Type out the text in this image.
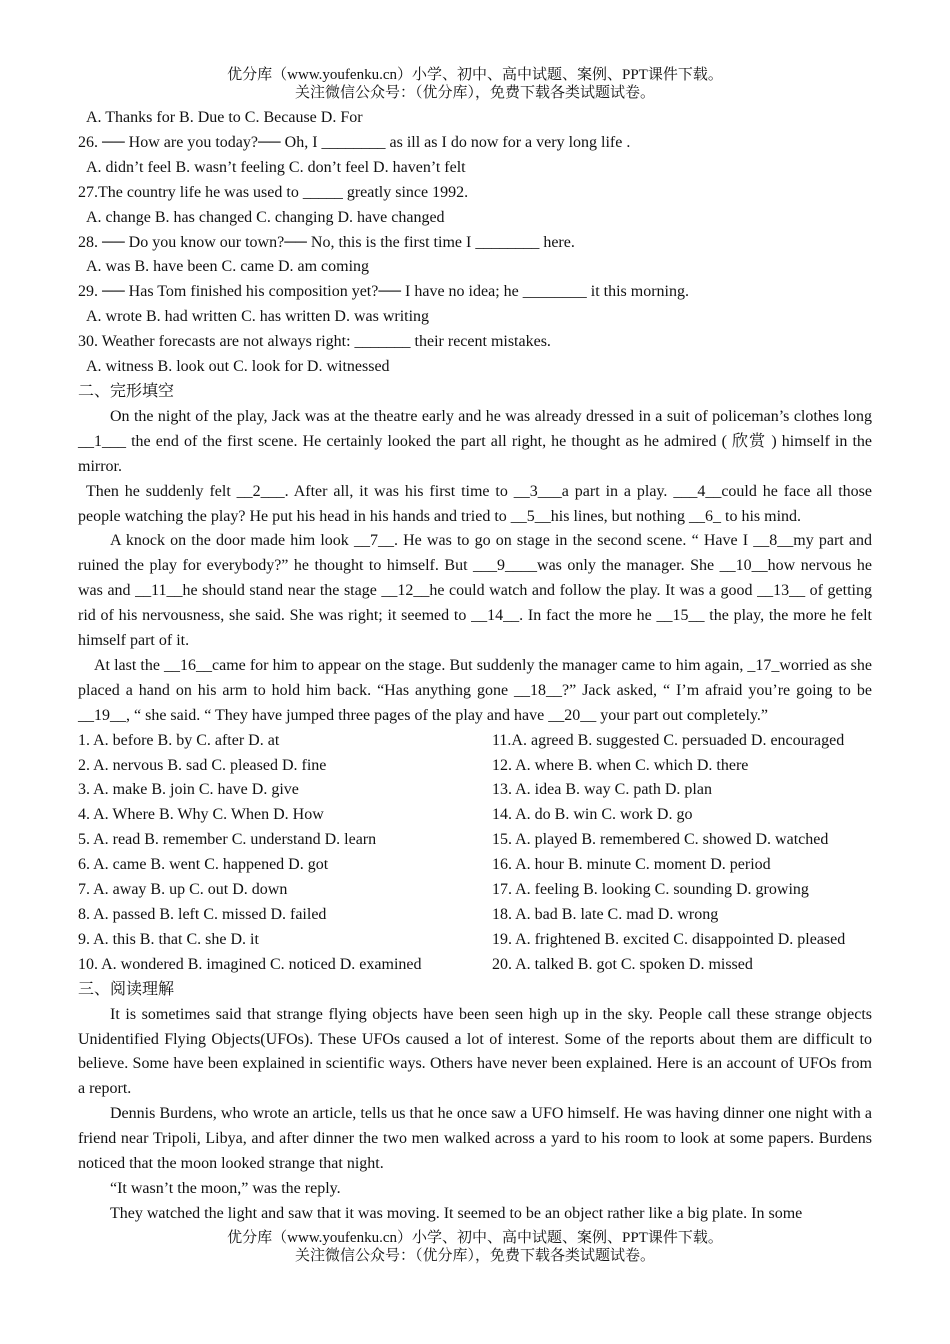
优分库（www.youfenku.cn）小学、初中、高中试题、案例、PPT课件下载。
关注微信公众号：（优分库），免费下载各类试题试卷。
A. Thanks for B. Due to C. Because D. For
26. ── How are you today?── Oh, I ________ as ill as I do now for a very long life .
A. didn’t feel B. wasn’t feeling C. don’t feel D. haven’t felt
27.The country life he was used to _____ greatly since 1992.
A. change B. has changed C. changing D. have changed
28. ── Do you know our town?── No, this is the first time I ________ here.
A. was B. have been C. came D. am coming
29. ── Has Tom finished his composition yet?── I have no idea; he ________ it this morning.
A. wrote B. had written C. has written D. was writing
30. Weather forecasts are not always right: _______ their recent mistakes.
A. witness B. look out C. look for D. witnessed
二、完形填空
On the night of the play, Jack was at the theatre early and he was already dressed in a suit of policeman’s clothes long __1___ the end of the first scene. He certainly looked the part all right, he thought as he admired ( 欣赏 ) himself in the mirror.
Then he suddenly felt __2___. After all, it was his first time to __3___a part in a play. ___4__could he face all those people watching the play? He put his head in his hands and tried to __5__his lines, but nothing __6_ to his mind.
A knock on the door made him look __7__. He was to go on stage in the second scene. “ Have I __8__my part and ruined the play for everybody?” he thought to himself. But ___9____was only the manager. She __10__how nervous he was and __11__he should stand near the stage __12__he could watch and follow the play. It was a good __13__ of getting rid of his nervousness, she said. She was right; it seemed to __14__. In fact the more he __15__ the play, the more he felt himself part of it.
At last the __16__came for him to appear on the stage. But suddenly the manager came to him again, _17_worried as she placed a hand on his arm to hold him back. “Has anything gone __18__?” Jack asked, “ I’m afraid you’re going to be __19__, “ she said. “ They have jumped three pages of the play and have __20__ your part out completely.”
1. A. before B. by C. after D. at	11.A. agreed B. suggested C. persuaded D. encouraged
2. A. nervous B. sad C. pleased D. fine	12. A. where B. when C. which D. there
3. A. make B. join C. have D. give	13. A. idea B. way C. path D. plan
4. A. Where B. Why C. When D. How	14. A. do B. win C. work D. go
5. A. read B. remember C. understand D. learn	15. A. played B. remembered C. showed D. watched
6. A. came B. went C. happened D. got	16. A. hour B. minute C. moment D. period
7. A. away B. up C. out D. down	17. A. feeling B. looking C. sounding D. growing
8. A. passed B. left C. missed D. failed	18. A. bad B. late C. mad D. wrong
9. A. this B. that C. she D. it	19. A. frightened B. excited C. disappointed D. pleased
10. A. wondered B. imagined C. noticed D. examined	20. A. talked B. got C. spoken D. missed
三、阅读理解
It is sometimes said that strange flying objects have been seen high up in the sky. People call these strange objects Unidentified Flying Objects(UFOs). These UFOs caused a lot of interest. Some of the reports about them are difficult to believe. Some have been explained in scientific ways. Others have never been explained. Here is an account of UFOs from a report.
Dennis Burdens, who wrote an article, tells us that he once saw a UFO himself. He was having dinner one night with a friend near Tripoli, Libya, and after dinner the two men walked across a yard to his room to look at some papers. Burdens noticed that the moon looked strange that night.
“It wasn’t the moon,” was the reply.
They watched the light and saw that it was moving. It seemed to be an object rather like a big plate. In some
优分库（www.youfenku.cn）小学、初中、高中试题、案例、PPT课件下载。
关注微信公众号：（优分库），免费下载各类试题试卷。
